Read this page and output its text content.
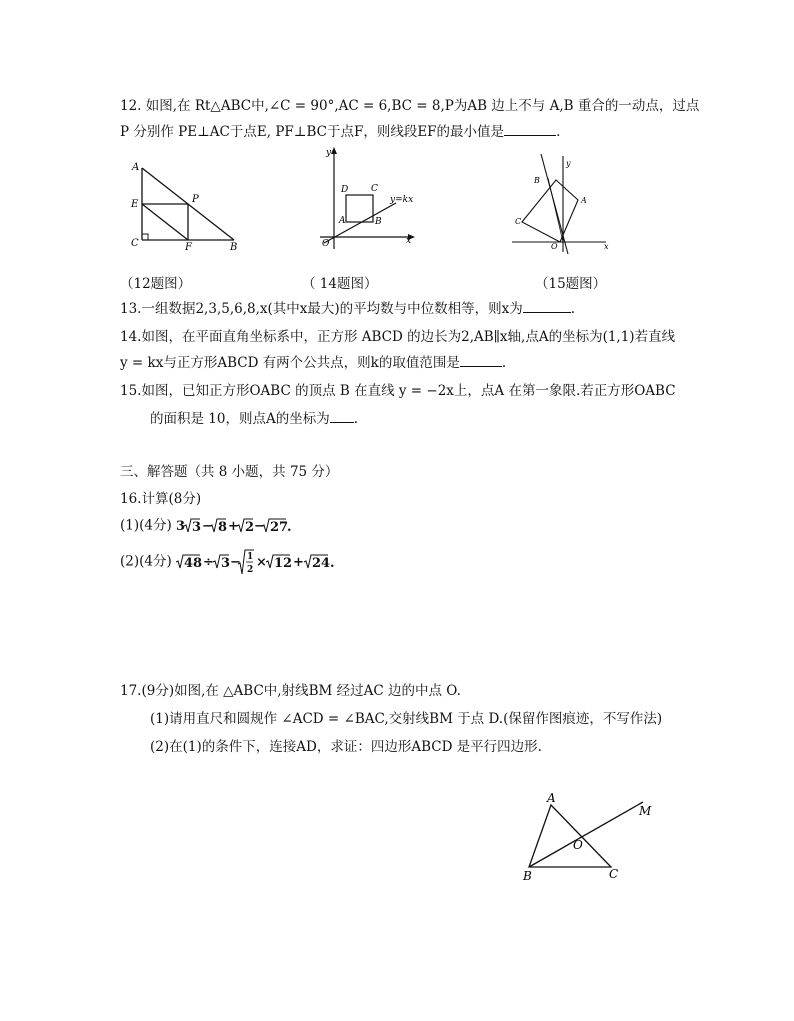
12. 如图,在 Rt△ABC中,∠C = 90°,AC = 6,BC = 8,P为AB 边上不与 A,B 重合的一动点，过点
P 分别作 PE⊥AC于点E, PF⊥BC于点F，则线段EF的最小值是	.
A
E	P
C	F	B
（12题图）
y
D	C
y=kx
A	B
O	x
（ 14题图）
y
B
A
C
O	x
（15题图）
13.一组数据2,3,5,6,8,x(其中x最大)的平均数与中位数相等，则x为	.
14.如图，在平面直角坐标系中，正方形 ABCD 的边长为2,AB∥x轴,点A的坐标为(1,1)若直线
y = kx与正方形ABCD 有两个公共点，则k的取值范围是	.
15.如图，已知正方形OABC 的顶点 B 在直线 y = −2x上，点A 在第一象限.若正方形OABC
的面积是 10，则点A的坐标为 .
三、解答题（共 8 小题，共 75 分）
16.计算(8分)
(1)(4分) 3 3 − 8 + 2 − 27
.
(2)(4分) 48 ÷ 3 − 1
2 × 12 + 24 .
17.(9分)如图,在 △ABC中,射线BM 经过AC 边的中点 O.
(1)请用直尺和圆规作 ∠ACD = ∠BAC,交射线BM 于点 D.(保留作图痕迹，不写作法)
(2)在(1)的条件下，连接AD，求证：四边形ABCD 是平行四边形.
A
M
O
B	C
